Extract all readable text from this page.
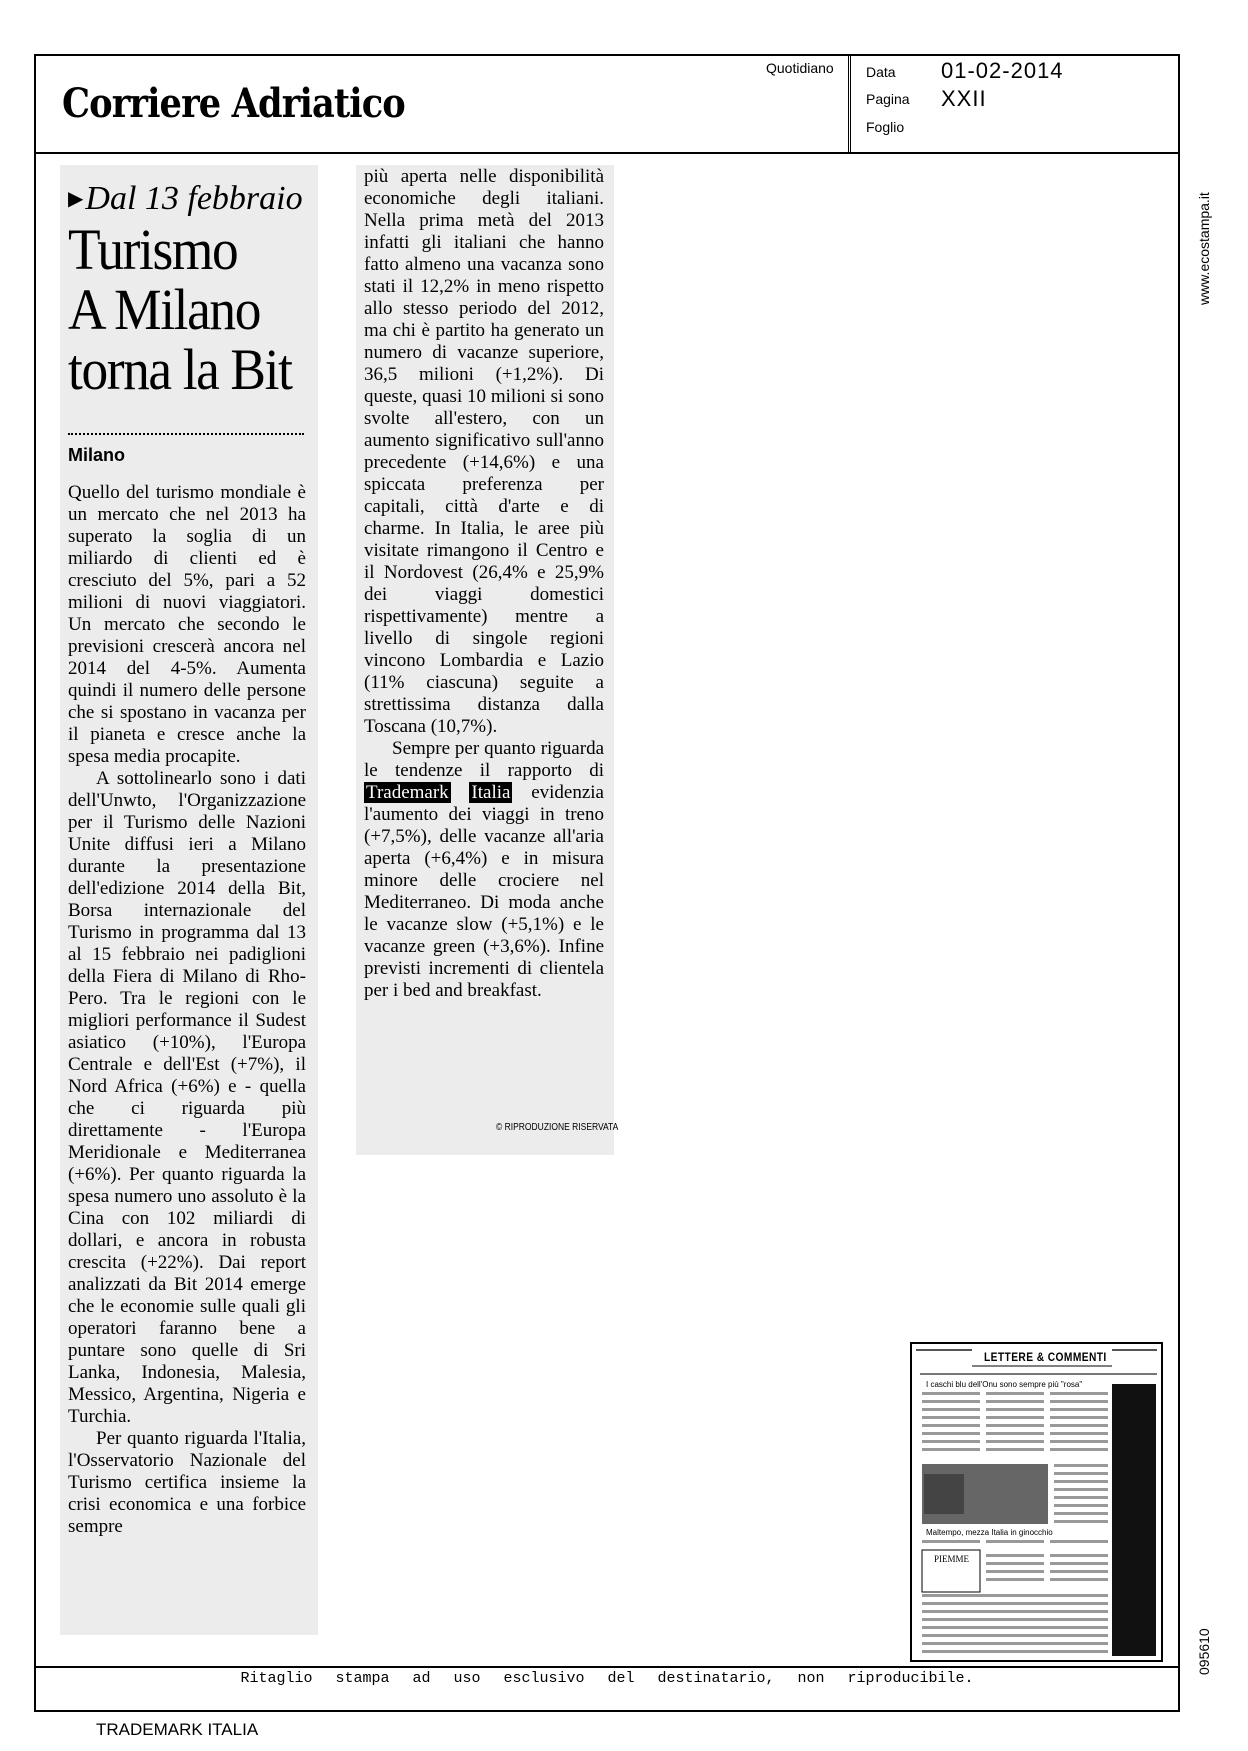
Corriere Adriatico
Quotidiano Data 01-02-2014
Pagina XXII
Foglio
▶Dal 13 febbraio
Turismo
A Milano
torna la Bit
Milano

Quello del turismo mondiale è un mercato che nel 2013 ha superato la soglia di un miliardo di clienti ed è cresciuto del 5%, pari a 52 milioni di nuovi viaggiatori. Un mercato che secondo le previsioni crescerà ancora nel 2014 del 4-5%. Aumenta quindi il numero delle persone che si spostano in vacanza per il pianeta e cresce anche la spesa media procapite.

A sottolinearlo sono i dati dell'Unwto, l'Organizzazione per il Turismo delle Nazioni Unite diffusi ieri a Milano durante la presentazione dell'edizione 2014 della Bit, Borsa internazionale del Turismo in programma dal 13 al 15 febbraio nei padiglioni della Fiera di Milano di Rho-Pero. Tra le regioni con le migliori performance il Sudest asiatico (+10%), l'Europa Centrale e dell'Est (+7%), il Nord Africa (+6%) e - quella che ci riguarda più direttamente - l'Europa Meridionale e Mediterranea (+6%). Per quanto riguarda la spesa numero uno assoluto è la Cina con 102 miliardi di dollari, e ancora in robusta crescita (+22%). Dai report analizzati da Bit 2014 emerge che le economie sulle quali gli operatori faranno bene a puntare sono quelle di Sri Lanka, Indonesia, Malesia, Messico, Argentina, Nigeria e Turchia.

Per quanto riguarda l'Italia, l'Osservatorio Nazionale del Turismo certifica insieme la crisi economica e una forbice sempre

più aperta nelle disponibilità economiche degli italiani. Nella prima metà del 2013 infatti gli italiani che hanno fatto almeno una vacanza sono stati il 12,2% in meno rispetto allo stesso periodo del 2012, ma chi è partito ha generato un numero di vacanze superiore, 36,5 milioni (+1,2%). Di queste, quasi 10 milioni si sono svolte all'estero, con un aumento significativo sull'anno precedente (+14,6%) e una spiccata preferenza per capitali, città d'arte e di charme. In Italia, le aree più visitate rimangono il Centro e il Nordovest (26,4% e 25,9% dei viaggi domestici rispettivamente) mentre a livello di singole regioni vincono Lombardia e Lazio (11% ciascuna) seguite a strettissima distanza dalla Toscana (10,7%).

Sempre per quanto riguarda le tendenze il rapporto di Trademark Italia evidenzia l'aumento dei viaggi in treno (+7,5%), delle vacanze all'aria aperta (+6,4%) e in misura minore delle crociere nel Mediterraneo. Di moda anche le vacanze slow (+5,1%) e le vacanze green (+3,6%). Infine previsti incrementi di clientela per i bed and breakfast.

© RIPRODUZIONE RISERVATA
www.ecostampa.it
095610
LETTERE & COMMENTI
I caschi blu dell'Onu sono sempre più "rosa"
Maltempo, mezza Italia in ginocchio
PIEMME
Ritaglio stampa ad uso esclusivo del destinatario, non riproducibile.
TRADEMARK ITALIA
